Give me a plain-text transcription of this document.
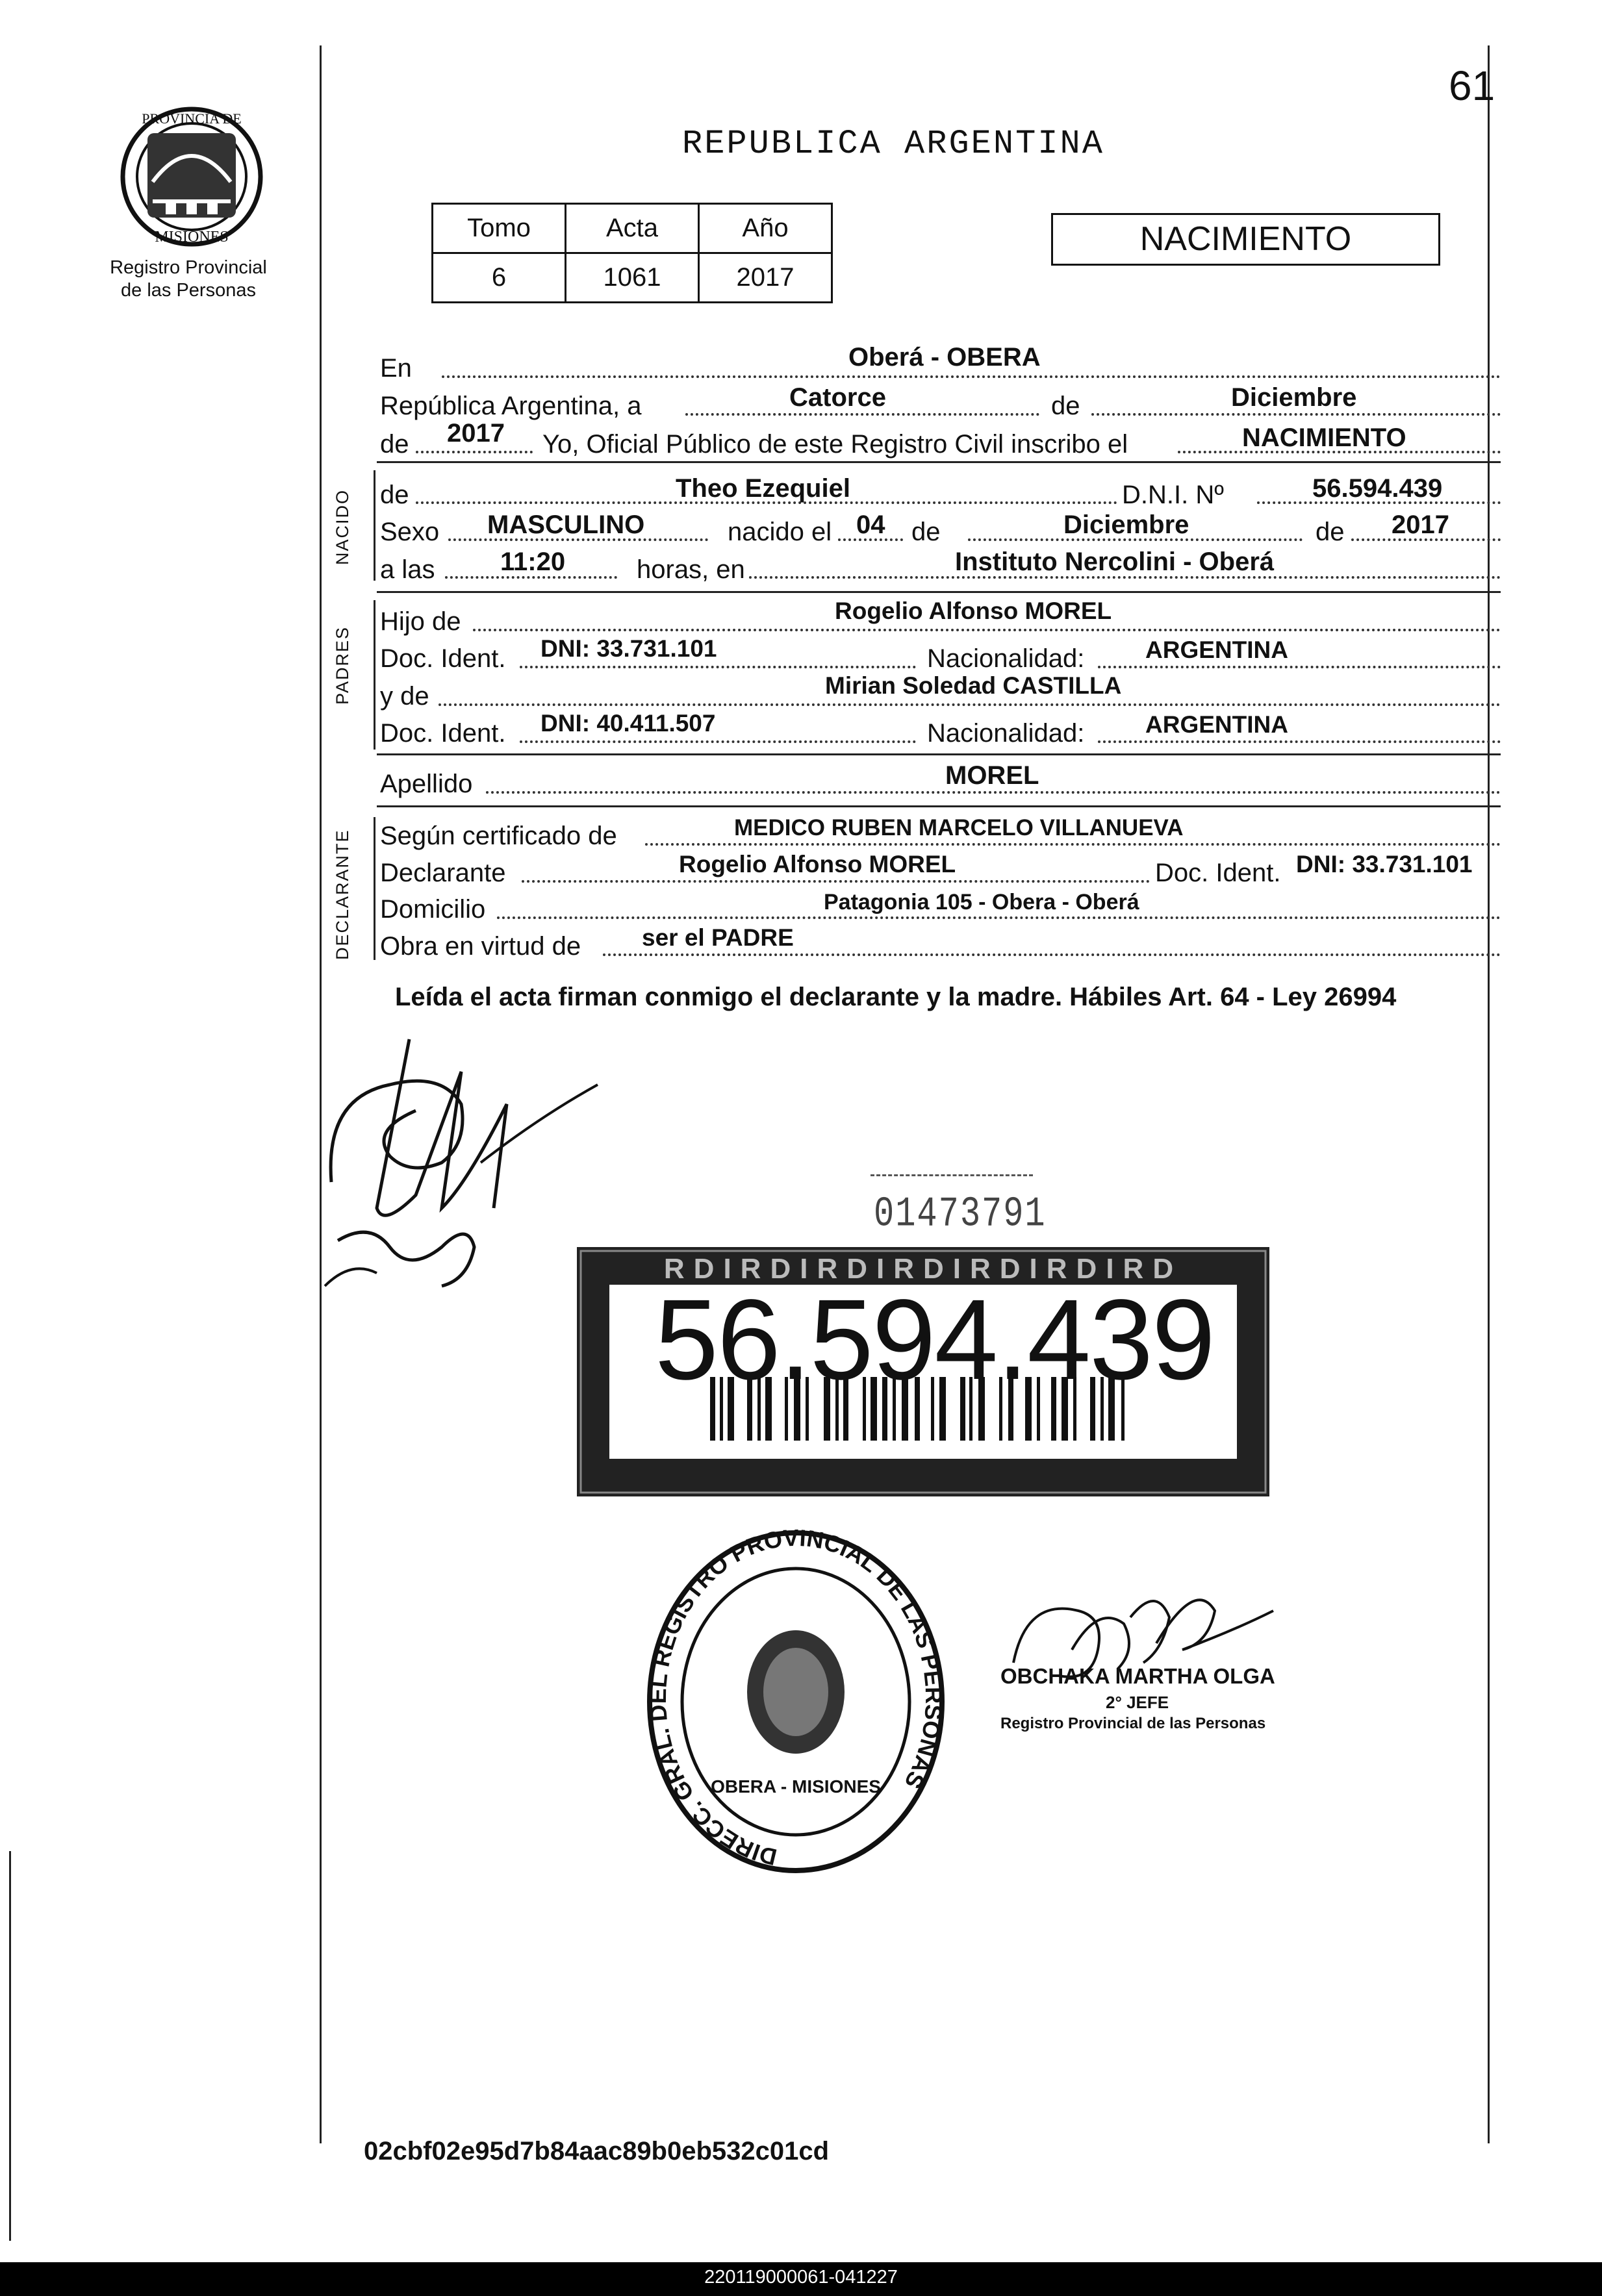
61
PROVINCIA DE
MISIONES
Registro Provincial
de las Personas
REPUBLICA ARGENTINA
Tomo	Acta	Año
6	1061	2017
NACIMIENTO
En	Oberá - OBERA
República Argentina, a	Catorce	de	Diciembre
de 2017 Yo, Oficial Público de este Registro Civil inscribo el	NACIMIENTO
NACIDO de	Theo Ezequiel	D.N.I. Nº	56.594.439
Sexo MASCULINO	nacido el 04 de	Diciembre	de 2017
a las	11:20	horas, en	Instituto Nercolini - Oberá
PADRES
Hijo de	Rogelio Alfonso MOREL
Doc. Ident. DNI: 33.731.101	Nacionalidad:	ARGENTINA
y de	Mirian Soledad CASTILLA
Doc. Ident. DNI: 40.411.507	Nacionalidad:	ARGENTINA
Apellido	MOREL
DECLARANTE Según certificado de	MEDICO RUBEN MARCELO VILLANUEVA
Declarante	Rogelio Alfonso MOREL	Doc. Ident. DNI: 33.731.101
Domicilio	Patagonia 105 - Obera - Oberá
Obra en virtud de	ser el PADRE
Leída el acta firman conmigo el declarante y la madre. Hábiles Art. 64 - Ley 26994
01473791
RDIRDIRDIRDIRDIRDIRD
56.594.439
DIRECC. GRAL. DEL REGISTRO PROVINCIAL DE LAS PERSONAS
OBERA - MISIONES
OBCHAKA MARTHA OLGA
2° JEFE
Registro Provincial de las Personas
02cbf02e95d7b84aac89b0eb532c01cd
220119000061-041227
